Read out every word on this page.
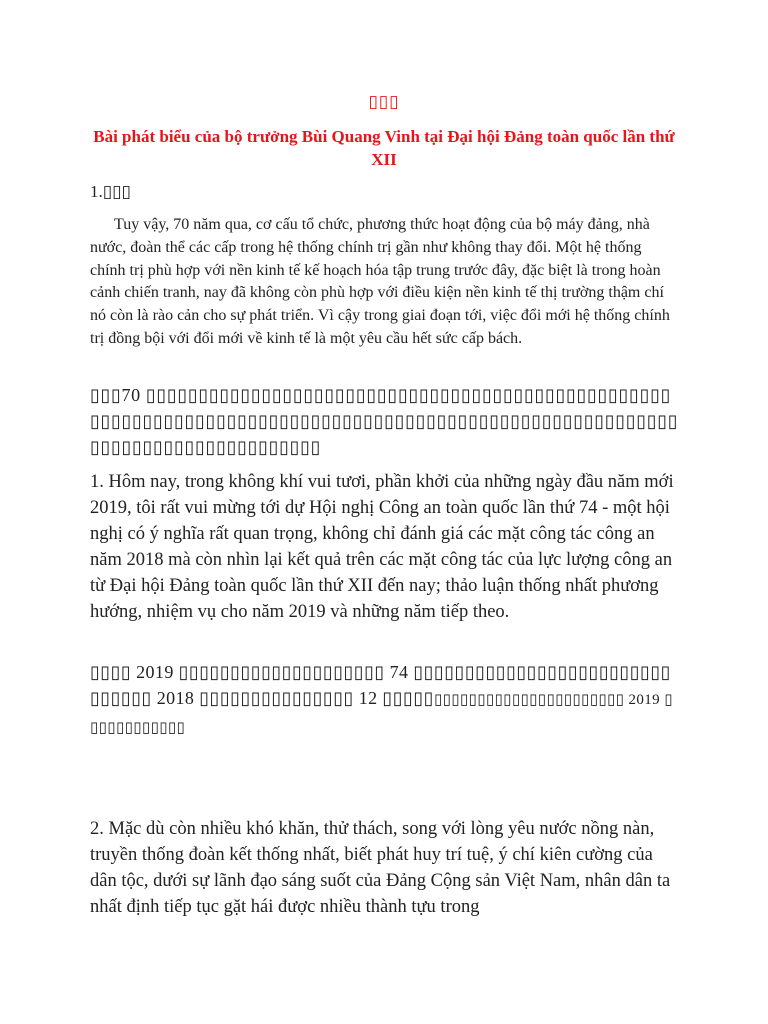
▯▯▯
Bài phát biểu của bộ trưởng Bùi Quang Vinh tại Đại hội Đảng toàn quốc lần thứ XII
1.▯▯▯

Tuy vậy, 70 năm qua, cơ cấu tổ chức, phương thức hoạt động của bộ máy đảng, nhà nước, đoàn thể các cấp trong hệ thống chính trị gần như không thay đổi. Một hệ thống chính trị phù hợp với nền kinh tế kế hoạch hóa tập trung trước đây, đặc biệt là trong hoàn cảnh chiến tranh, nay đã không còn phù hợp với điều kiện nền kinh tế thị trường thậm chí nó còn là rào cản cho sự phát triển. Vì cậy trong giai đoạn tới, việc đổi mới hệ thống chính trị đồng bội với đổi mới về kinh tế là một yêu cầu hết sức cấp bách.

▯▯▯70 ▯▯▯▯▯▯▯▯▯▯▯▯▯▯▯▯▯▯▯▯▯▯▯▯▯▯▯▯▯▯▯▯▯▯▯▯▯▯▯▯▯▯▯▯▯▯▯▯▯▯▯▯▯▯▯▯▯▯▯▯▯▯▯▯▯▯▯▯▯▯▯▯▯▯▯▯▯▯▯▯▯▯▯▯▯▯▯▯▯▯▯▯▯▯▯▯▯▯▯▯▯▯▯▯▯▯▯▯▯▯▯▯▯▯▯▯▯▯▯▯▯▯▯▯▯▯▯▯

1. Hôm nay, trong không khí vui tươi, phần khởi của những ngày đầu năm mới 2019, tôi rất vui mừng tới dự Hội nghị Công an toàn quốc lần thứ 74 - một hội nghị có ý nghĩa rất quan trọng, không chỉ đánh giá các mặt công tác công an năm 2018 mà còn nhìn lại kết quả trên các mặt công tác của lực lượng công an từ Đại hội Đảng toàn quốc lần thứ XII đến nay; thảo luận thống nhất phương hướng, nhiệm vụ cho năm 2019 và những năm tiếp theo.

▯▯▯▯ 2019 ▯▯▯▯▯▯▯▯▯▯▯▯▯▯▯▯▯▯▯▯ 74 ▯▯▯▯▯▯▯▯▯▯▯▯▯▯▯▯▯▯▯▯▯▯▯▯▯▯▯▯▯▯▯ 2018 ▯▯▯▯▯▯▯▯▯▯▯▯▯▯▯ 12 ▯▯▯▯▯▯▯▯▯▯▯▯▯▯▯▯▯▯▯▯▯▯▯▯▯▯▯ 2019 ▯▯▯▯▯▯▯▯▯▯▯▯

2. Mặc dù còn nhiều khó khăn, thử thách, song với lòng yêu nước nồng nàn, truyền thống đoàn kết thống nhất, biết phát huy trí tuệ, ý chí kiên cường của dân tộc, dưới sự lãnh đạo sáng suốt của Đảng Cộng sản Việt Nam, nhân dân ta nhất định tiếp tục gặt hái được nhiều thành tựu trong
